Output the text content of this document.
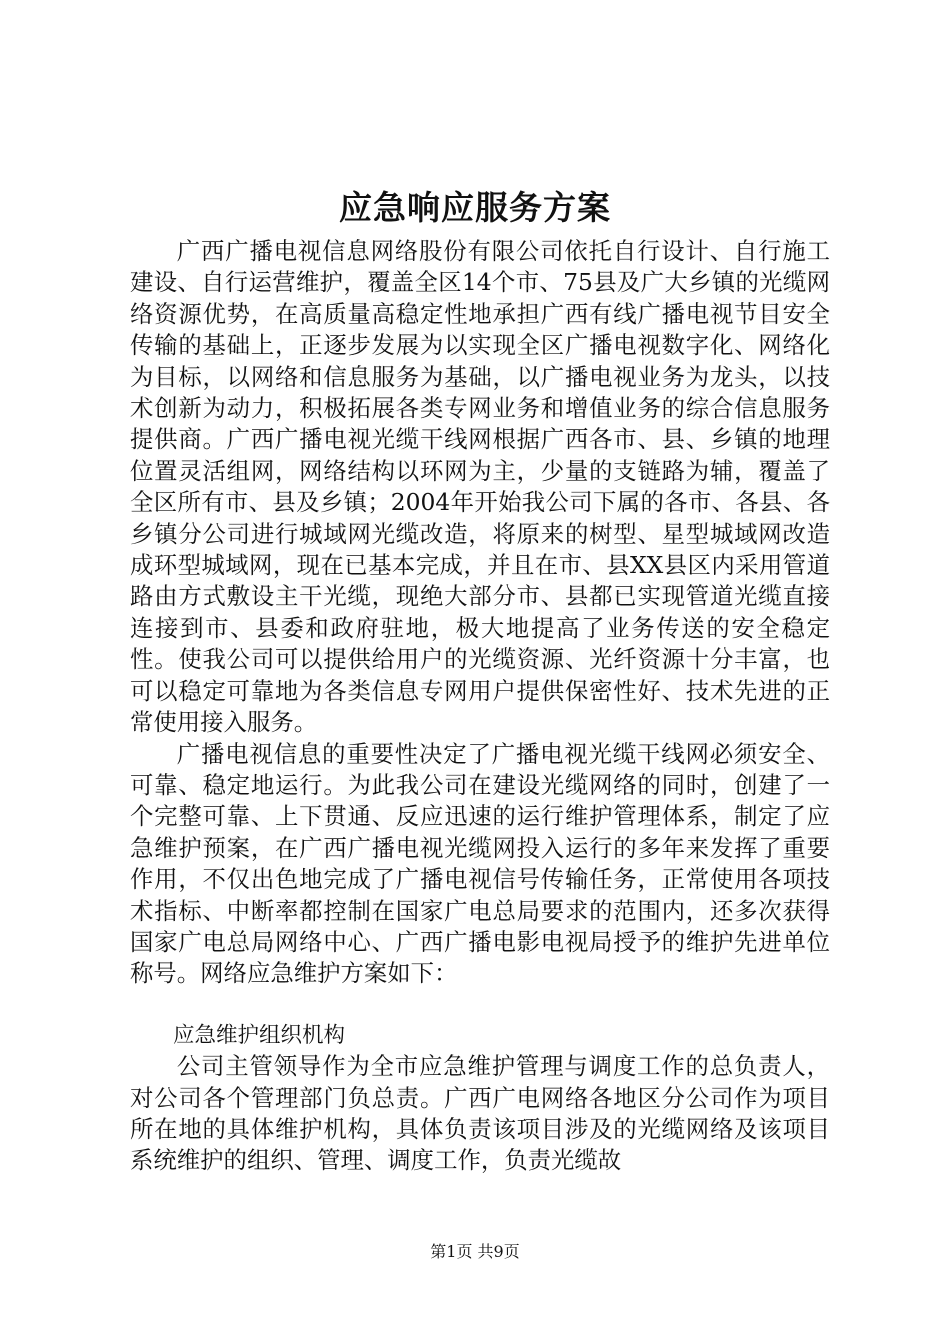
应急响应服务方案

广西广播电视信息网络股份有限公司依托自行设计、自行施工建设、自行运营维护，覆盖全区14个市、75县及广大乡镇的光缆网络资源优势，在高质量高稳定性地承担广西有线广播电视节目安全传输的基础上，正逐步发展为以实现全区广播电视数字化、网络化为目标，以网络和信息服务为基础，以广播电视业务为龙头，以技术创新为动力，积极拓展各类专网业务和增值业务的综合信息服务提供商。广西广播电视光缆干线网根据广西各市、县、乡镇的地理位置灵活组网，网络结构以环网为主，少量的支链路为辅，覆盖了全区所有市、县及乡镇；2004年开始我公司下属的各市、各县、各乡镇分公司进行城域网光缆改造，将原来的树型、星型城域网改造成环型城域网，现在已基本完成，并且在市、县XX县区内采用管道路由方式敷设主干光缆，现绝大部分市、县都已实现管道光缆直接连接到市、县委和政府驻地，极大地提高了业务传送的安全稳定性。使我公司可以提供给用户的光缆资源、光纤资源十分丰富，也可以稳定可靠地为各类信息专网用户提供保密性好、技术先进的正常使用接入服务。

广播电视信息的重要性决定了广播电视光缆干线网必须安全、可靠、稳定地运行。为此我公司在建设光缆网络的同时，创建了一个完整可靠、上下贯通、反应迅速的运行维护管理体系，制定了应急维护预案，在广西广播电视光缆网投入运行的多年来发挥了重要作用，不仅出色地完成了广播电视信号传输任务，正常使用各项技术指标、中断率都控制在国家广电总局要求的范围内，还多次获得国家广电总局网络中心、广西广播电影电视局授予的维护先进单位称号。网络应急维护方案如下：

应急维护组织机构

公司主管领导作为全市应急维护管理与调度工作的总负责人，对公司各个管理部门负总责。广西广电网络各地区分公司作为项目所在地的具体维护机构，具体负责该项目涉及的光缆网络及该项目系统维护的组织、管理、调度工作，负责光缆故

第1页 共9页
